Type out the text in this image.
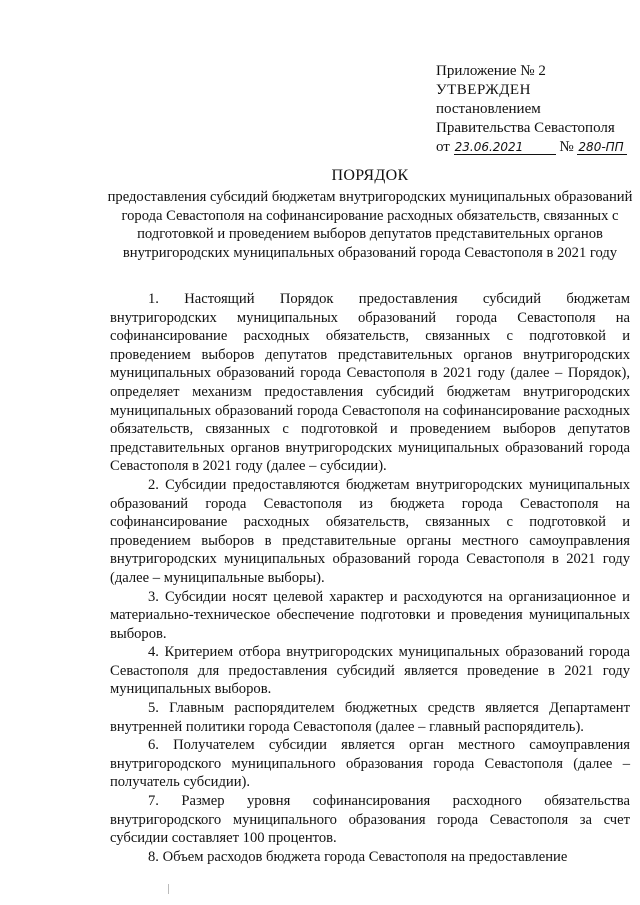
Приложение № 2
УТВЕРЖДЕН
постановлением
Правительства Севастополя
от 23.06.2021 № 280-ПП
ПОРЯДОК
предоставления субсидий бюджетам внутригородских муниципальных образований города Севастополя на софинансирование расходных обязательств, связанных с подготовкой и проведением выборов депутатов представительных органов внутригородских муниципальных образований города Севастополя в 2021 году

1. Настоящий Порядок предоставления субсидий бюджетам внутригородских муниципальных образований города Севастополя на софинансирование расходных обязательств, связанных с подготовкой и проведением выборов депутатов представительных органов внутригородских муниципальных образований города Севастополя в 2021 году (далее – Порядок), определяет механизм предоставления субсидий бюджетам внутригородских муниципальных образований города Севастополя на софинансирование расходных обязательств, связанных с подготовкой и проведением выборов депутатов представительных органов внутригородских муниципальных образований города Севастополя в 2021 году (далее – субсидии).

2. Субсидии предоставляются бюджетам внутригородских муниципальных образований города Севастополя из бюджета города Севастополя на софинансирование расходных обязательств, связанных с подготовкой и проведением выборов в представительные органы местного самоуправления внутригородских муниципальных образований города Севастополя в 2021 году (далее – муниципальные выборы).

3. Субсидии носят целевой характер и расходуются на организационное и материально-техническое обеспечение подготовки и проведения муниципальных выборов.

4. Критерием отбора внутригородских муниципальных образований города Севастополя для предоставления субсидий является проведение в 2021 году муниципальных выборов.

5. Главным распорядителем бюджетных средств является Департамент внутренней политики города Севастополя (далее – главный распорядитель).

6. Получателем субсидии является орган местного самоуправления внутригородского муниципального образования города Севастополя (далее – получатель субсидии).

7. Размер уровня софинансирования расходного обязательства внутригородского муниципального образования города Севастополя за счет субсидии составляет 100 процентов.

8. Объем расходов бюджета города Севастополя на предоставление
